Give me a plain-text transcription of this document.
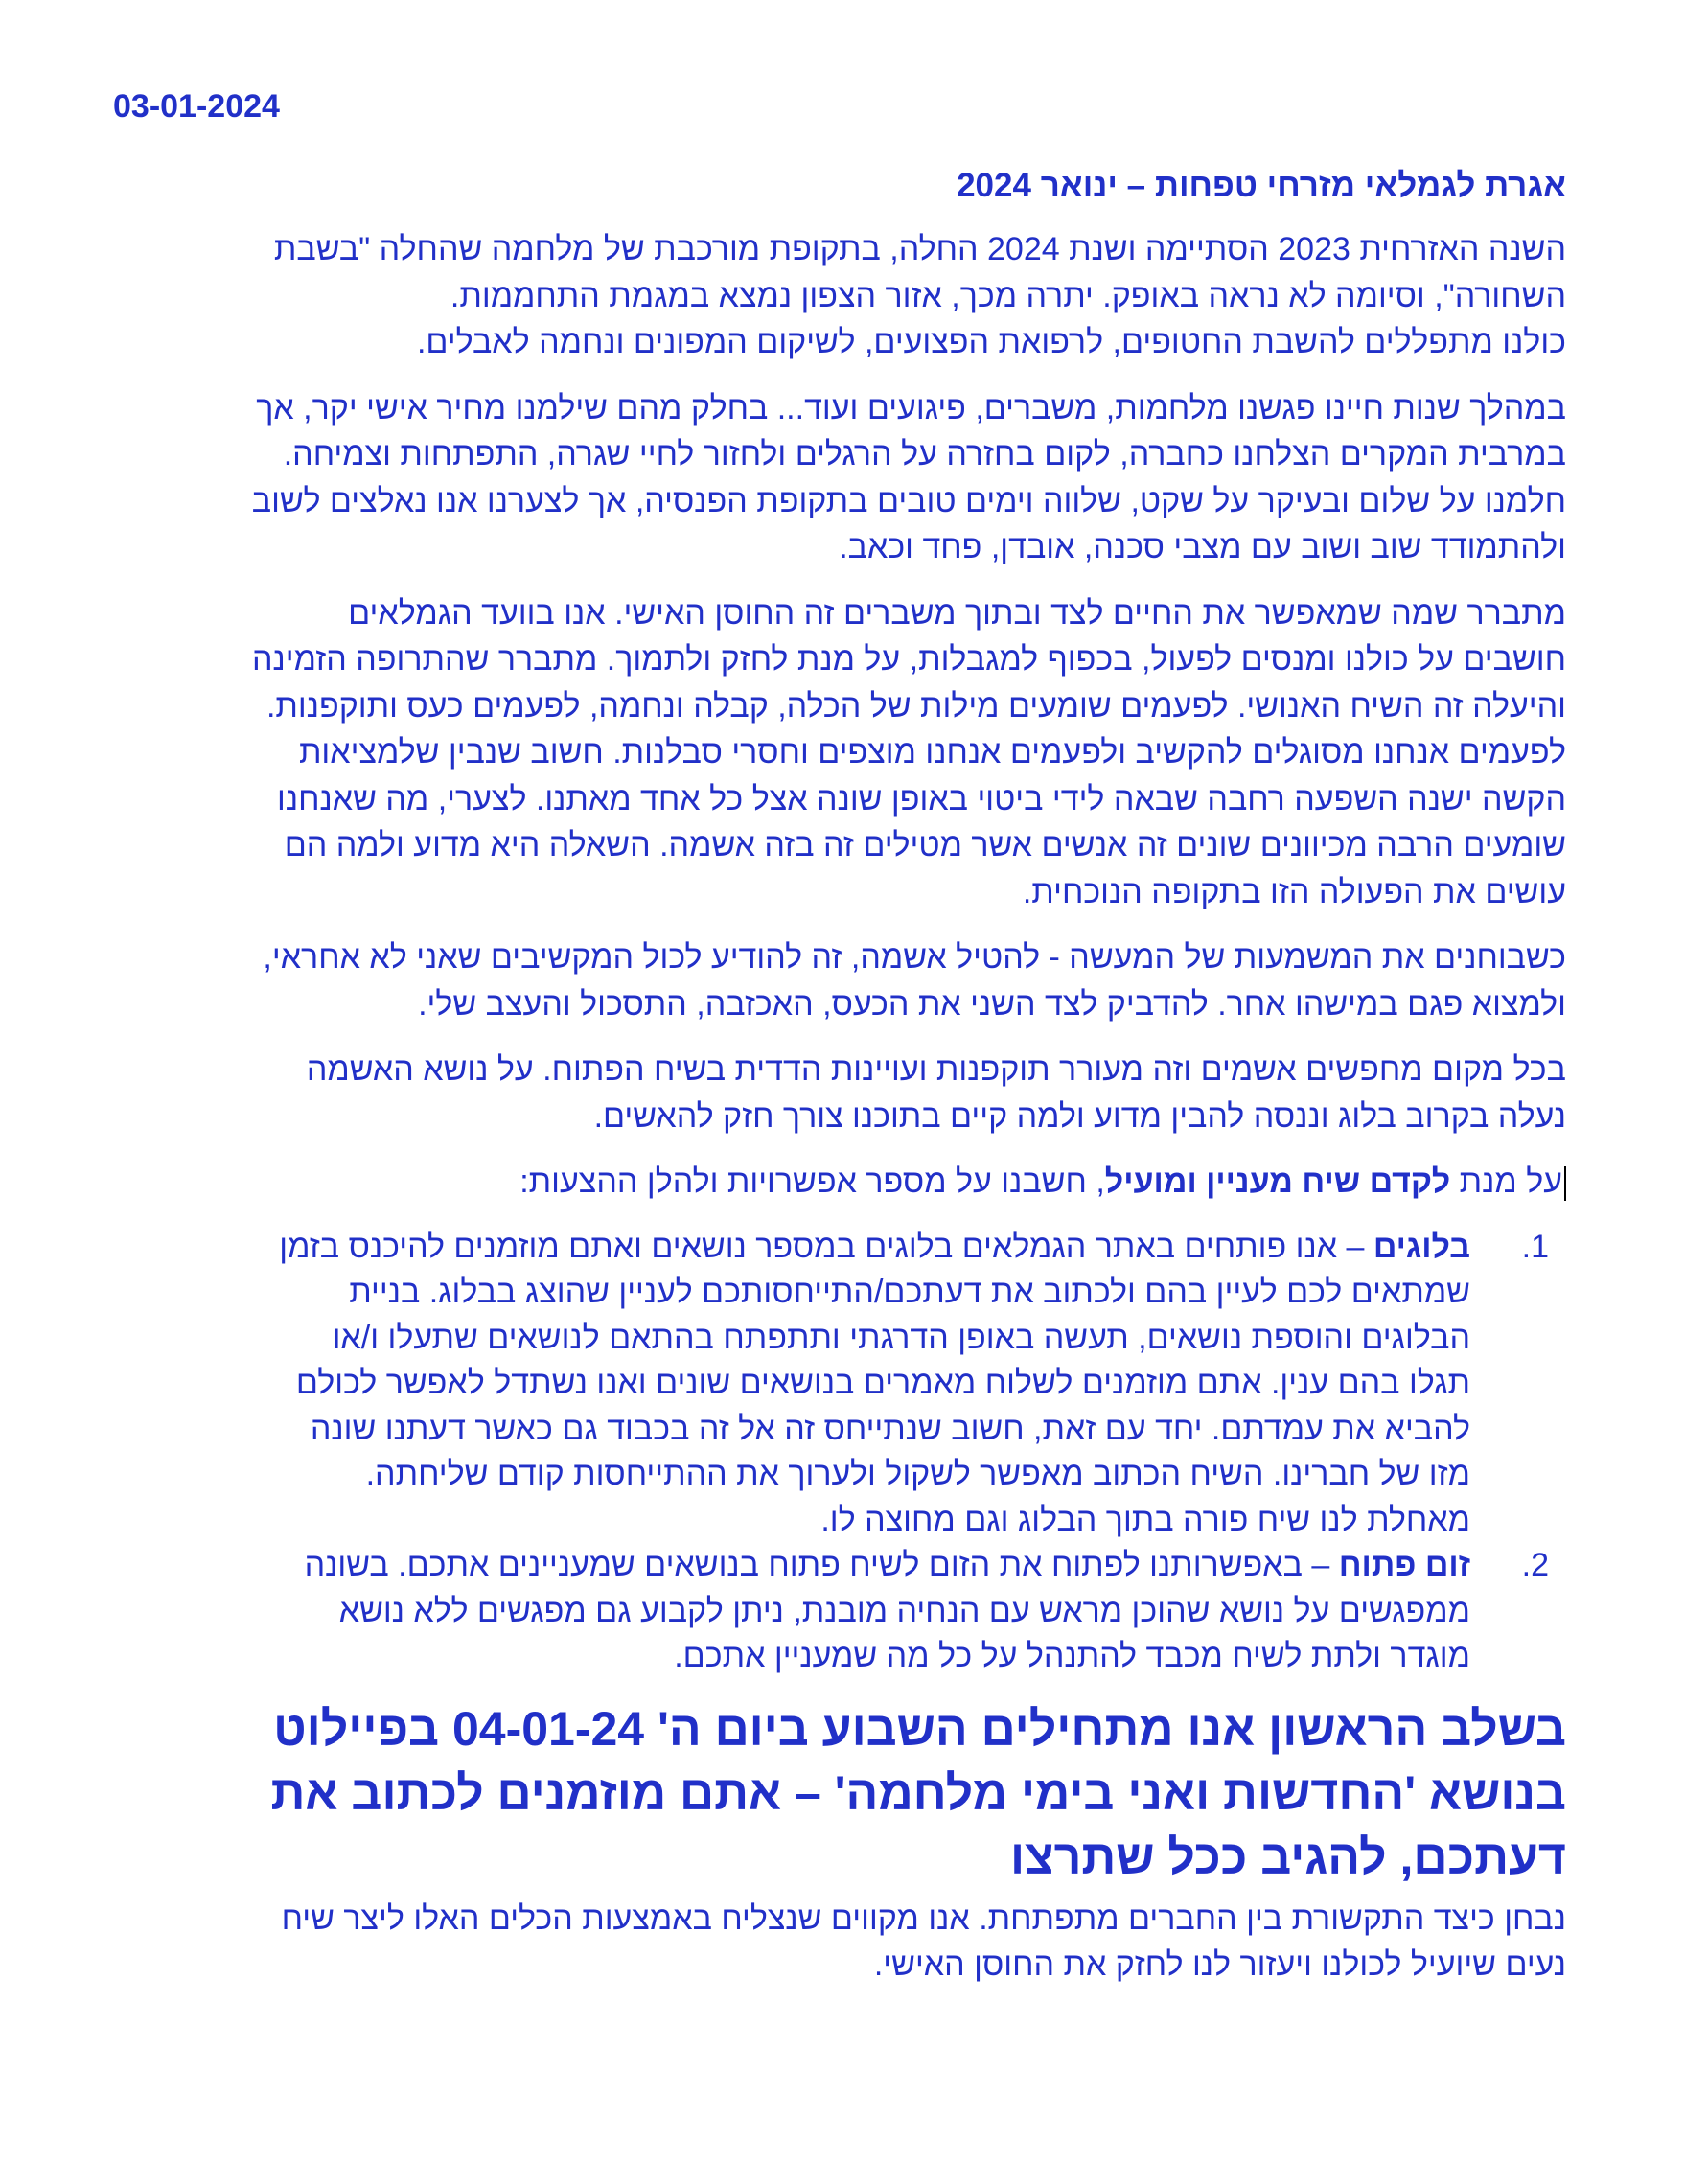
03-01-2024
אגרת לגמלאי מזרחי טפחות – ינואר 2024

השנה האזרחית 2023 הסתיימה ושנת 2024 החלה, בתקופת מורכבת של מלחמה שהחלה "בשבת
השחורה", וסיומה לא נראה באופק. יתרה מכך, אזור הצפון נמצא במגמת התחממות.
כולנו מתפללים להשבת החטופים, לרפואת הפצועים, לשיקום המפונים ונחמה לאבלים.

במהלך שנות חיינו פגשנו מלחמות, משברים, פיגועים ועוד... בחלק מהם שילמנו מחיר אישי יקר, אך
במרבית המקרים הצלחנו כחברה, לקום בחזרה על הרגלים ולחזור לחיי שגרה, התפתחות וצמיחה.
חלמנו על שלום ובעיקר על שקט, שלווה וימים טובים בתקופת הפנסיה, אך לצערנו אנו נאלצים לשוב
ולהתמודד שוב ושוב עם מצבי סכנה, אובדן, פחד וכאב.

מתברר שמה שמאפשר את החיים לצד ובתוך משברים זה החוסן האישי. אנו בוועד הגמלאים
חושבים על כולנו ומנסים לפעול, בכפוף למגבלות, על מנת לחזק ולתמוך. מתברר שהתרופה הזמינה
והיעלה זה השיח האנושי. לפעמים שומעים מילות של הכלה, קבלה ונחמה, לפעמים כעס ותוקפנות.
לפעמים אנחנו מסוגלים להקשיב ולפעמים אנחנו מוצפים וחסרי סבלנות. חשוב שנבין שלמציאות
הקשה ישנה השפעה רחבה שבאה לידי ביטוי באופן שונה אצל כל אחד מאתנו. לצערי, מה שאנחנו
שומעים הרבה מכיוונים שונים זה אנשים אשר מטילים זה בזה אשמה. השאלה היא מדוע ולמה הם
עושים את הפעולה הזו בתקופה הנוכחית.

כשבוחנים את המשמעות של המעשה - להטיל אשמה, זה להודיע לכול המקשיבים שאני לא אחראי,
ולמצוא פגם במישהו אחר. להדביק לצד השני את הכעס, האכזבה, התסכול והעצב שלי.

בכל מקום מחפשים אשמים וזה מעורר תוקפנות ועויינות הדדית בשיח הפתוח. על נושא האשמה
נעלה בקרוב בלוג וננסה להבין מדוע ולמה קיים בתוכנו צורך חזק להאשים.

על מנת לקדם שיח מעניין ומועיל, חשבנו על מספר אפשרויות ולהלן ההצעות:
1.
בלוגים – אנו פותחים באתר הגמלאים בלוגים במספר נושאים ואתם מוזמנים להיכנס בזמן
שמתאים לכם לעיין בהם ולכתוב את דעתכם/התייחסותכם לעניין שהוצג בבלוג. בניית
הבלוגים והוספת נושאים, תעשה באופן הדרגתי ותתפתח בהתאם לנושאים שתעלו ו/או
תגלו בהם ענין. אתם מוזמנים לשלוח מאמרים בנושאים שונים ואנו נשתדל לאפשר לכולם
להביא את עמדתם. יחד עם זאת, חשוב שנתייחס זה אל זה בכבוד גם כאשר דעתנו שונה
מזו של חברינו. השיח הכתוב מאפשר לשקול ולערוך את ההתייחסות קודם שליחתה.
מאחלת לנו שיח פורה בתוך הבלוג וגם מחוצה לו.
2.
זום פתוח – באפשרותנו לפתוח את הזום לשיח פתוח בנושאים שמעניינים אתכם. בשונה
ממפגשים על נושא שהוכן מראש עם הנחיה מובנת, ניתן לקבוע גם מפגשים ללא נושא
מוגדר ולתת לשיח מכבד להתנהל על כל מה שמעניין אתכם.
בשלב הראשון אנו מתחילים השבוע ביום ה' 04-01-24 בפיילוט
בנושא 'החדשות ואני בימי מלחמה' – אתם מוזמנים לכתוב את
דעתכם, להגיב ככל שתרצו
נבחן כיצד התקשורת בין החברים מתפתחת. אנו מקווים שנצליח באמצעות הכלים האלו ליצר שיח
נעים שיועיל לכולנו ויעזור לנו לחזק את החוסן האישי.
